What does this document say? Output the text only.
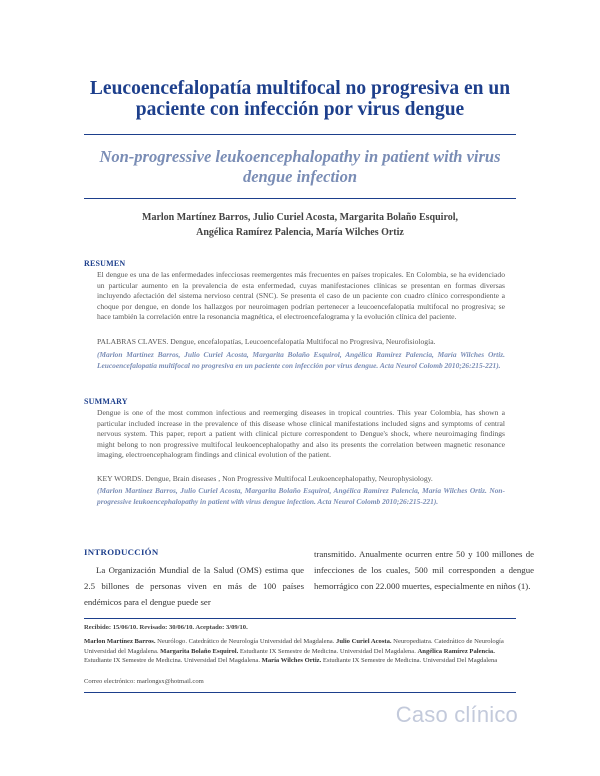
Leucoencefalopatía multifocal no progresiva en un paciente con infección por virus dengue
Non-progressive leukoencephalopathy in patient with virus dengue infection
Marlon Martínez Barros, Julio Curiel Acosta, Margarita Bolaño Esquirol,
Angélica Ramírez Palencia, María Wilches Ortiz
RESUMEN
El dengue es una de las enfermedades infecciosas reemergentes más frecuentes en países tropicales. En Colombia, se ha evidenciado un particular aumento en la prevalencia de esta enfermedad, cuyas manifestaciones clínicas se presentan en formas diversas incluyendo afectación del sistema nervioso central (SNC). Se presenta el caso de un paciente con cuadro clínico correspondiente a choque por dengue, en donde los hallazgos por neuroimagen podrían pertenecer a leucoencefalopatía multifocal no progresiva; se hace también la correlación entre la resonancia magnética, el electroencefalograma y la evolución clínica del paciente.
PALABRAS CLAVES. Dengue, encefalopatías, Leucoencefalopatía Multifocal no Progresiva, Neurofisiología.
(Marlon Martínez Barros, Julio Curiel Acosta, Margarita Bolaño Esquirol, Angélica Ramírez Palencia, María Wilches Ortiz. Leucoencefalopatía multifocal no progresiva en un paciente con infección por virus dengue. Acta Neurol Colomb 2010;26:215-221).
SUMMARY
Dengue is one of the most common infectious and reemerging diseases in tropical countries. This year Colombia, has shown a particular included increase in the prevalence of this disease whose clinical manifestations included signs and symptoms of central nervous system. This paper, report a patient with clinical picture correspondent to Dengue's shock, where neuroimaging findings might belong to non progressive multifocal leukoencephalopathy and also its presents the correlation between magnetic resonance imaging, electroencephalogram findings and clinical evolution of the patient.
KEY WORDS. Dengue, Brain diseases , Non Progressive Multifocal Leukoencephalopathy, Neurophysiology.
(Marlon Martínez Barros, Julio Curiel Acosta, Margarita Bolaño Esquirol, Angélica Ramírez Palencia, María Wilches Ortiz. Non-progressive leukoencephalopathy in patient with virus dengue infection. Acta Neurol Colomb 2010;26:215-221).
INTRODUCCIÓN
La Organización Mundial de la Salud (OMS) estima que 2.5 billones de personas viven en más de 100 países endémicos para el dengue puede ser
transmitido. Anualmente ocurren entre 50 y 100 millones de infecciones de los cuales, 500 mil corresponden a dengue hemorrágico con 22.000 muertes, especialmente en niños (1).
Recibido: 15/06/10. Revisado: 30/06/10. Aceptado: 3/09/10.
Marlon Martínez Barros. Neurólogo. Catedrático de Neurología Universidad del Magdalena. Julio Curiel Acosta. Neuropediatra. Catedrático de Neurología Universidad del Magdalena. Margarita Bolaño Esquirol. Estudiante IX Semestre de Medicina. Universidad Del Magdalena. Angélica Ramírez Palencia. Estudiante IX Semestre de Medicina. Universidad Del Magdalena. María Wilches Ortiz. Estudiante IX Semestre de Medicina. Universidad Del Magdalena
Correo electrónico: marlongsx@hotmail.com
Caso clínico
